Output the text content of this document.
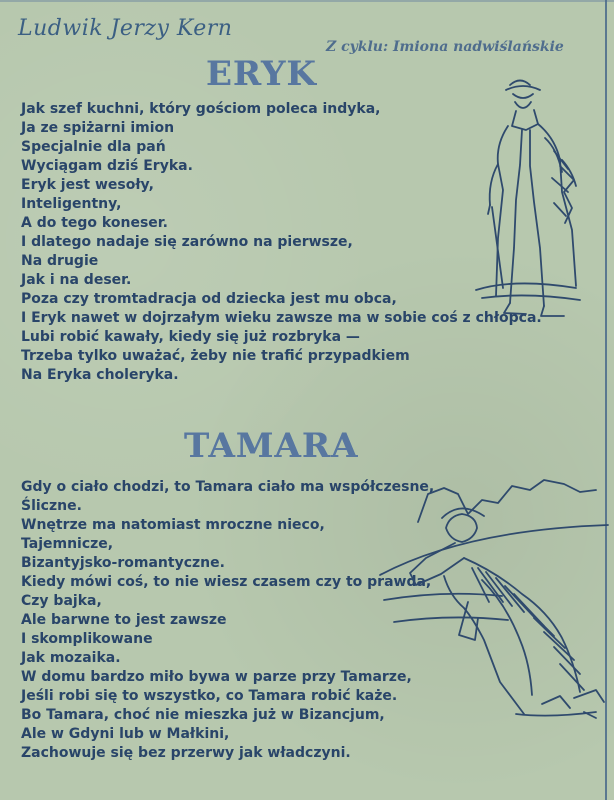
Ludwik Jerzy Kern
Z cyklu: Imiona nadwiślańskie
ERYK
Jak szef kuchni, który gościom poleca indyka,
Ja ze spiżarni imion
Specjalnie dla pań
Wyciągam dziś Eryka.
Eryk jest wesoły,
Inteligentny,
A do tego koneser.
I dlatego nadaje się zarówno na pierwsze,
Na drugie
Jak i na deser.
Poza czy tromtadracja od dziecka jest mu obca,
I Eryk nawet w dojrzałym wieku zawsze ma w sobie coś z chłopca.
Lubi robić kawały, kiedy się już rozbryka —
Trzeba tylko uważać, żeby nie trafić przypadkiem
Na Eryka choleryka.
TAMARA
Gdy o ciało chodzi, to Tamara ciało ma współczesne,
Śliczne.
Wnętrze ma natomiast mroczne nieco,
Tajemnicze,
Bizantyjsko-romantyczne.
Kiedy mówi coś, to nie wiesz czasem czy to prawda,
Czy bajka,
Ale barwne to jest zawsze
I skomplikowane
Jak mozaika.
W domu bardzo miło bywa w parze przy Tamarze,
Jeśli robi się to wszystko, co Tamara robić każe.
Bo Tamara, choć nie mieszka już w Bizancjum,
Ale w Gdyni lub w Małkini,
Zachowuje się bez przerwy jak władczyni.
